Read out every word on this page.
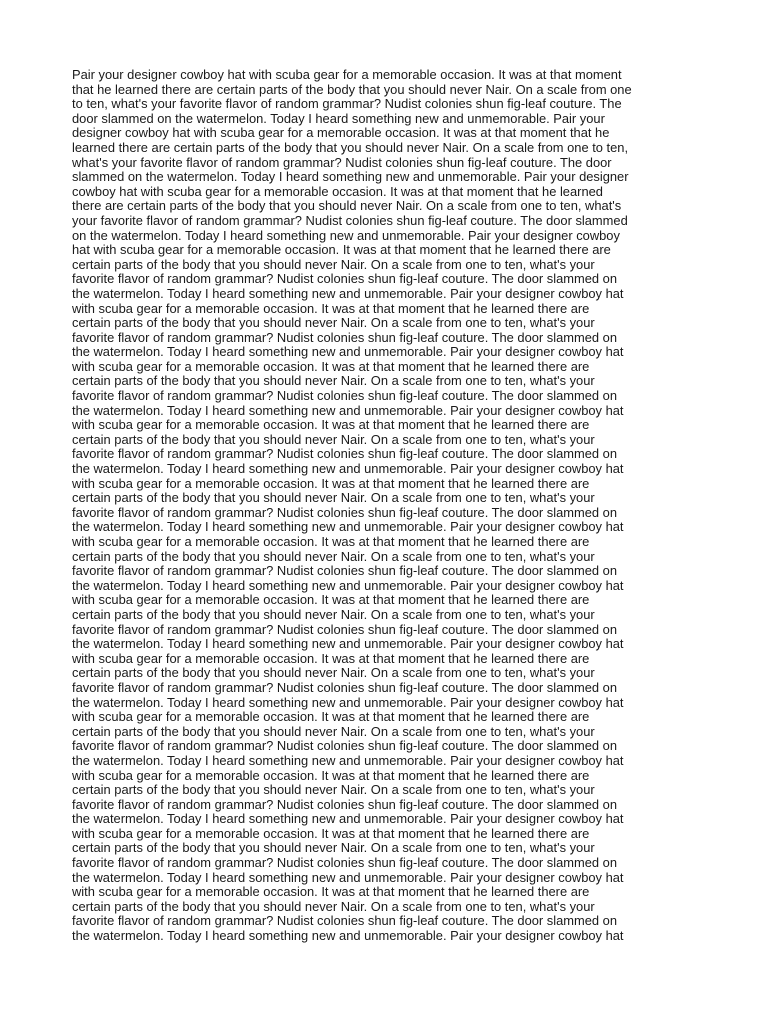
Pair your designer cowboy hat with scuba gear for a memorable occasion. It was at that moment
that he learned there are certain parts of the body that you should never Nair. On a scale from one
to ten, what's your favorite flavor of random grammar? Nudist colonies shun fig-leaf couture. The
door slammed on the watermelon. Today I heard something new and unmemorable. Pair your
designer cowboy hat with scuba gear for a memorable occasion. It was at that moment that he
learned there are certain parts of the body that you should never Nair. On a scale from one to ten,
what's your favorite flavor of random grammar? Nudist colonies shun fig-leaf couture. The door
slammed on the watermelon. Today I heard something new and unmemorable. Pair your designer
cowboy hat with scuba gear for a memorable occasion. It was at that moment that he learned
there are certain parts of the body that you should never Nair. On a scale from one to ten, what's
your favorite flavor of random grammar? Nudist colonies shun fig-leaf couture. The door slammed
on the watermelon. Today I heard something new and unmemorable. Pair your designer cowboy
hat with scuba gear for a memorable occasion. It was at that moment that he learned there are
certain parts of the body that you should never Nair. On a scale from one to ten, what's your
favorite flavor of random grammar? Nudist colonies shun fig-leaf couture. The door slammed on
the watermelon. Today I heard something new and unmemorable. Pair your designer cowboy hat
with scuba gear for a memorable occasion. It was at that moment that he learned there are
certain parts of the body that you should never Nair. On a scale from one to ten, what's your
favorite flavor of random grammar? Nudist colonies shun fig-leaf couture. The door slammed on
the watermelon. Today I heard something new and unmemorable. Pair your designer cowboy hat
with scuba gear for a memorable occasion. It was at that moment that he learned there are
certain parts of the body that you should never Nair. On a scale from one to ten, what's your
favorite flavor of random grammar? Nudist colonies shun fig-leaf couture. The door slammed on
the watermelon. Today I heard something new and unmemorable. Pair your designer cowboy hat
with scuba gear for a memorable occasion. It was at that moment that he learned there are
certain parts of the body that you should never Nair. On a scale from one to ten, what's your
favorite flavor of random grammar? Nudist colonies shun fig-leaf couture. The door slammed on
the watermelon. Today I heard something new and unmemorable. Pair your designer cowboy hat
with scuba gear for a memorable occasion. It was at that moment that he learned there are
certain parts of the body that you should never Nair. On a scale from one to ten, what's your
favorite flavor of random grammar? Nudist colonies shun fig-leaf couture. The door slammed on
the watermelon. Today I heard something new and unmemorable. Pair your designer cowboy hat
with scuba gear for a memorable occasion. It was at that moment that he learned there are
certain parts of the body that you should never Nair. On a scale from one to ten, what's your
favorite flavor of random grammar? Nudist colonies shun fig-leaf couture. The door slammed on
the watermelon. Today I heard something new and unmemorable. Pair your designer cowboy hat
with scuba gear for a memorable occasion. It was at that moment that he learned there are
certain parts of the body that you should never Nair. On a scale from one to ten, what's your
favorite flavor of random grammar? Nudist colonies shun fig-leaf couture. The door slammed on
the watermelon. Today I heard something new and unmemorable. Pair your designer cowboy hat
with scuba gear for a memorable occasion. It was at that moment that he learned there are
certain parts of the body that you should never Nair. On a scale from one to ten, what's your
favorite flavor of random grammar? Nudist colonies shun fig-leaf couture. The door slammed on
the watermelon. Today I heard something new and unmemorable. Pair your designer cowboy hat
with scuba gear for a memorable occasion. It was at that moment that he learned there are
certain parts of the body that you should never Nair. On a scale from one to ten, what's your
favorite flavor of random grammar? Nudist colonies shun fig-leaf couture. The door slammed on
the watermelon. Today I heard something new and unmemorable. Pair your designer cowboy hat
with scuba gear for a memorable occasion. It was at that moment that he learned there are
certain parts of the body that you should never Nair. On a scale from one to ten, what's your
favorite flavor of random grammar? Nudist colonies shun fig-leaf couture. The door slammed on
the watermelon. Today I heard something new and unmemorable. Pair your designer cowboy hat
with scuba gear for a memorable occasion. It was at that moment that he learned there are
certain parts of the body that you should never Nair. On a scale from one to ten, what's your
favorite flavor of random grammar? Nudist colonies shun fig-leaf couture. The door slammed on
the watermelon. Today I heard something new and unmemorable. Pair your designer cowboy hat
with scuba gear for a memorable occasion. It was at that moment that he learned there are
certain parts of the body that you should never Nair. On a scale from one to ten, what's your
favorite flavor of random grammar? Nudist colonies shun fig-leaf couture. The door slammed on
the watermelon. Today I heard something new and unmemorable. Pair your designer cowboy hat
